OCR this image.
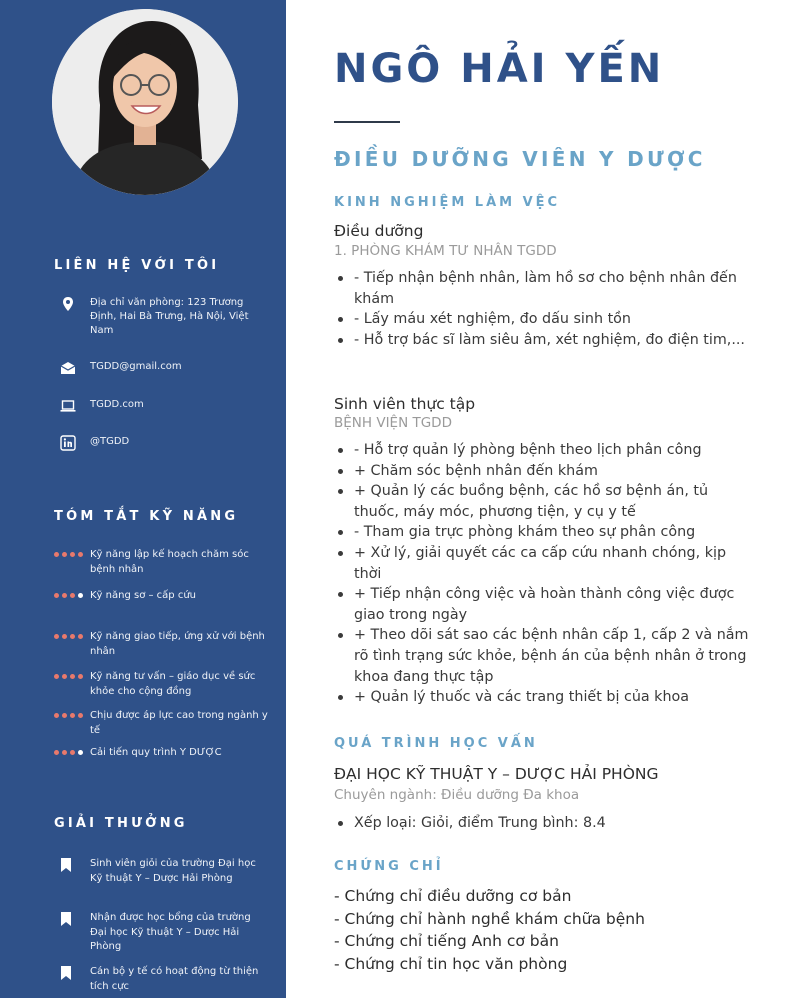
LIÊN HỆ VỚI TÔI
Địa chỉ văn phòng: 123 Trương Định, Hai Bà Trưng, Hà Nội, Việt Nam
TGDD@gmail.com
TGDD.com
@TGDD
TÓM TẮT KỸ NĂNG
Kỹ năng lập kế hoạch chăm sóc bệnh nhân
Kỹ năng sơ – cấp cứu
Kỹ năng giao tiếp, ứng xử với bệnh nhân
Kỹ năng tư vấn – giáo dục về sức khỏe cho cộng đồng
Chịu được áp lực cao trong ngành y tế
Cải tiến quy trình Y DƯỢC
GIẢI THƯỞNG
Sinh viên giỏi của trường Đại học Kỹ thuật Y – Dược Hải Phòng
Nhận được học bổng của trường Đại học Kỹ thuật Y – Dược Hải Phòng
Cán bộ y tế có hoạt động từ thiện tích cực
NGÔ HẢI YẾN
ĐIỀU DƯỠNG VIÊN Y DƯỢC
KINH NGHIỆM LÀM VỆC
Điều dưỡng
1. PHÒNG KHÁM TƯ NHÂN TGDD
- Tiếp nhận bệnh nhân, làm hồ sơ cho bệnh nhân đến khám
- Lấy máu xét nghiệm, đo dấu sinh tồn
- Hỗ trợ bác sĩ làm siêu âm, xét nghiệm, đo điện tim,...
Sinh viên thực tập
BỆNH VIỆN TGDD
- Hỗ trợ quản lý phòng bệnh theo lịch phân công
+ Chăm sóc bệnh nhân đến khám
+ Quản lý các buồng bệnh, các hồ sơ bệnh án, tủ thuốc, máy móc, phương tiện, y cụ y tế
- Tham gia trực phòng khám theo sự phân công
+ Xử lý, giải quyết các ca cấp cứu nhanh chóng, kịp thời
+ Tiếp nhận công việc và hoàn thành công việc được giao trong ngày
+ Theo dõi sát sao các bệnh nhân cấp 1, cấp 2 và nắm rõ tình trạng sức khỏe, bệnh án của bệnh nhân ở trong khoa đang thực tập
+ Quản lý thuốc và các trang thiết bị của khoa
QUÁ TRÌNH HỌC VẤN
ĐẠI HỌC KỸ THUẬT Y – DƯỢC HẢI PHÒNG
Chuyên ngành: Điều dưỡng Đa khoa
Xếp loại: Giỏi, điểm Trung bình: 8.4
CHỨNG CHỈ
- Chứng chỉ điều dưỡng cơ bản
- Chứng chỉ hành nghề khám chữa bệnh
- Chứng chỉ tiếng Anh cơ bản
- Chứng chỉ tin học văn phòng
